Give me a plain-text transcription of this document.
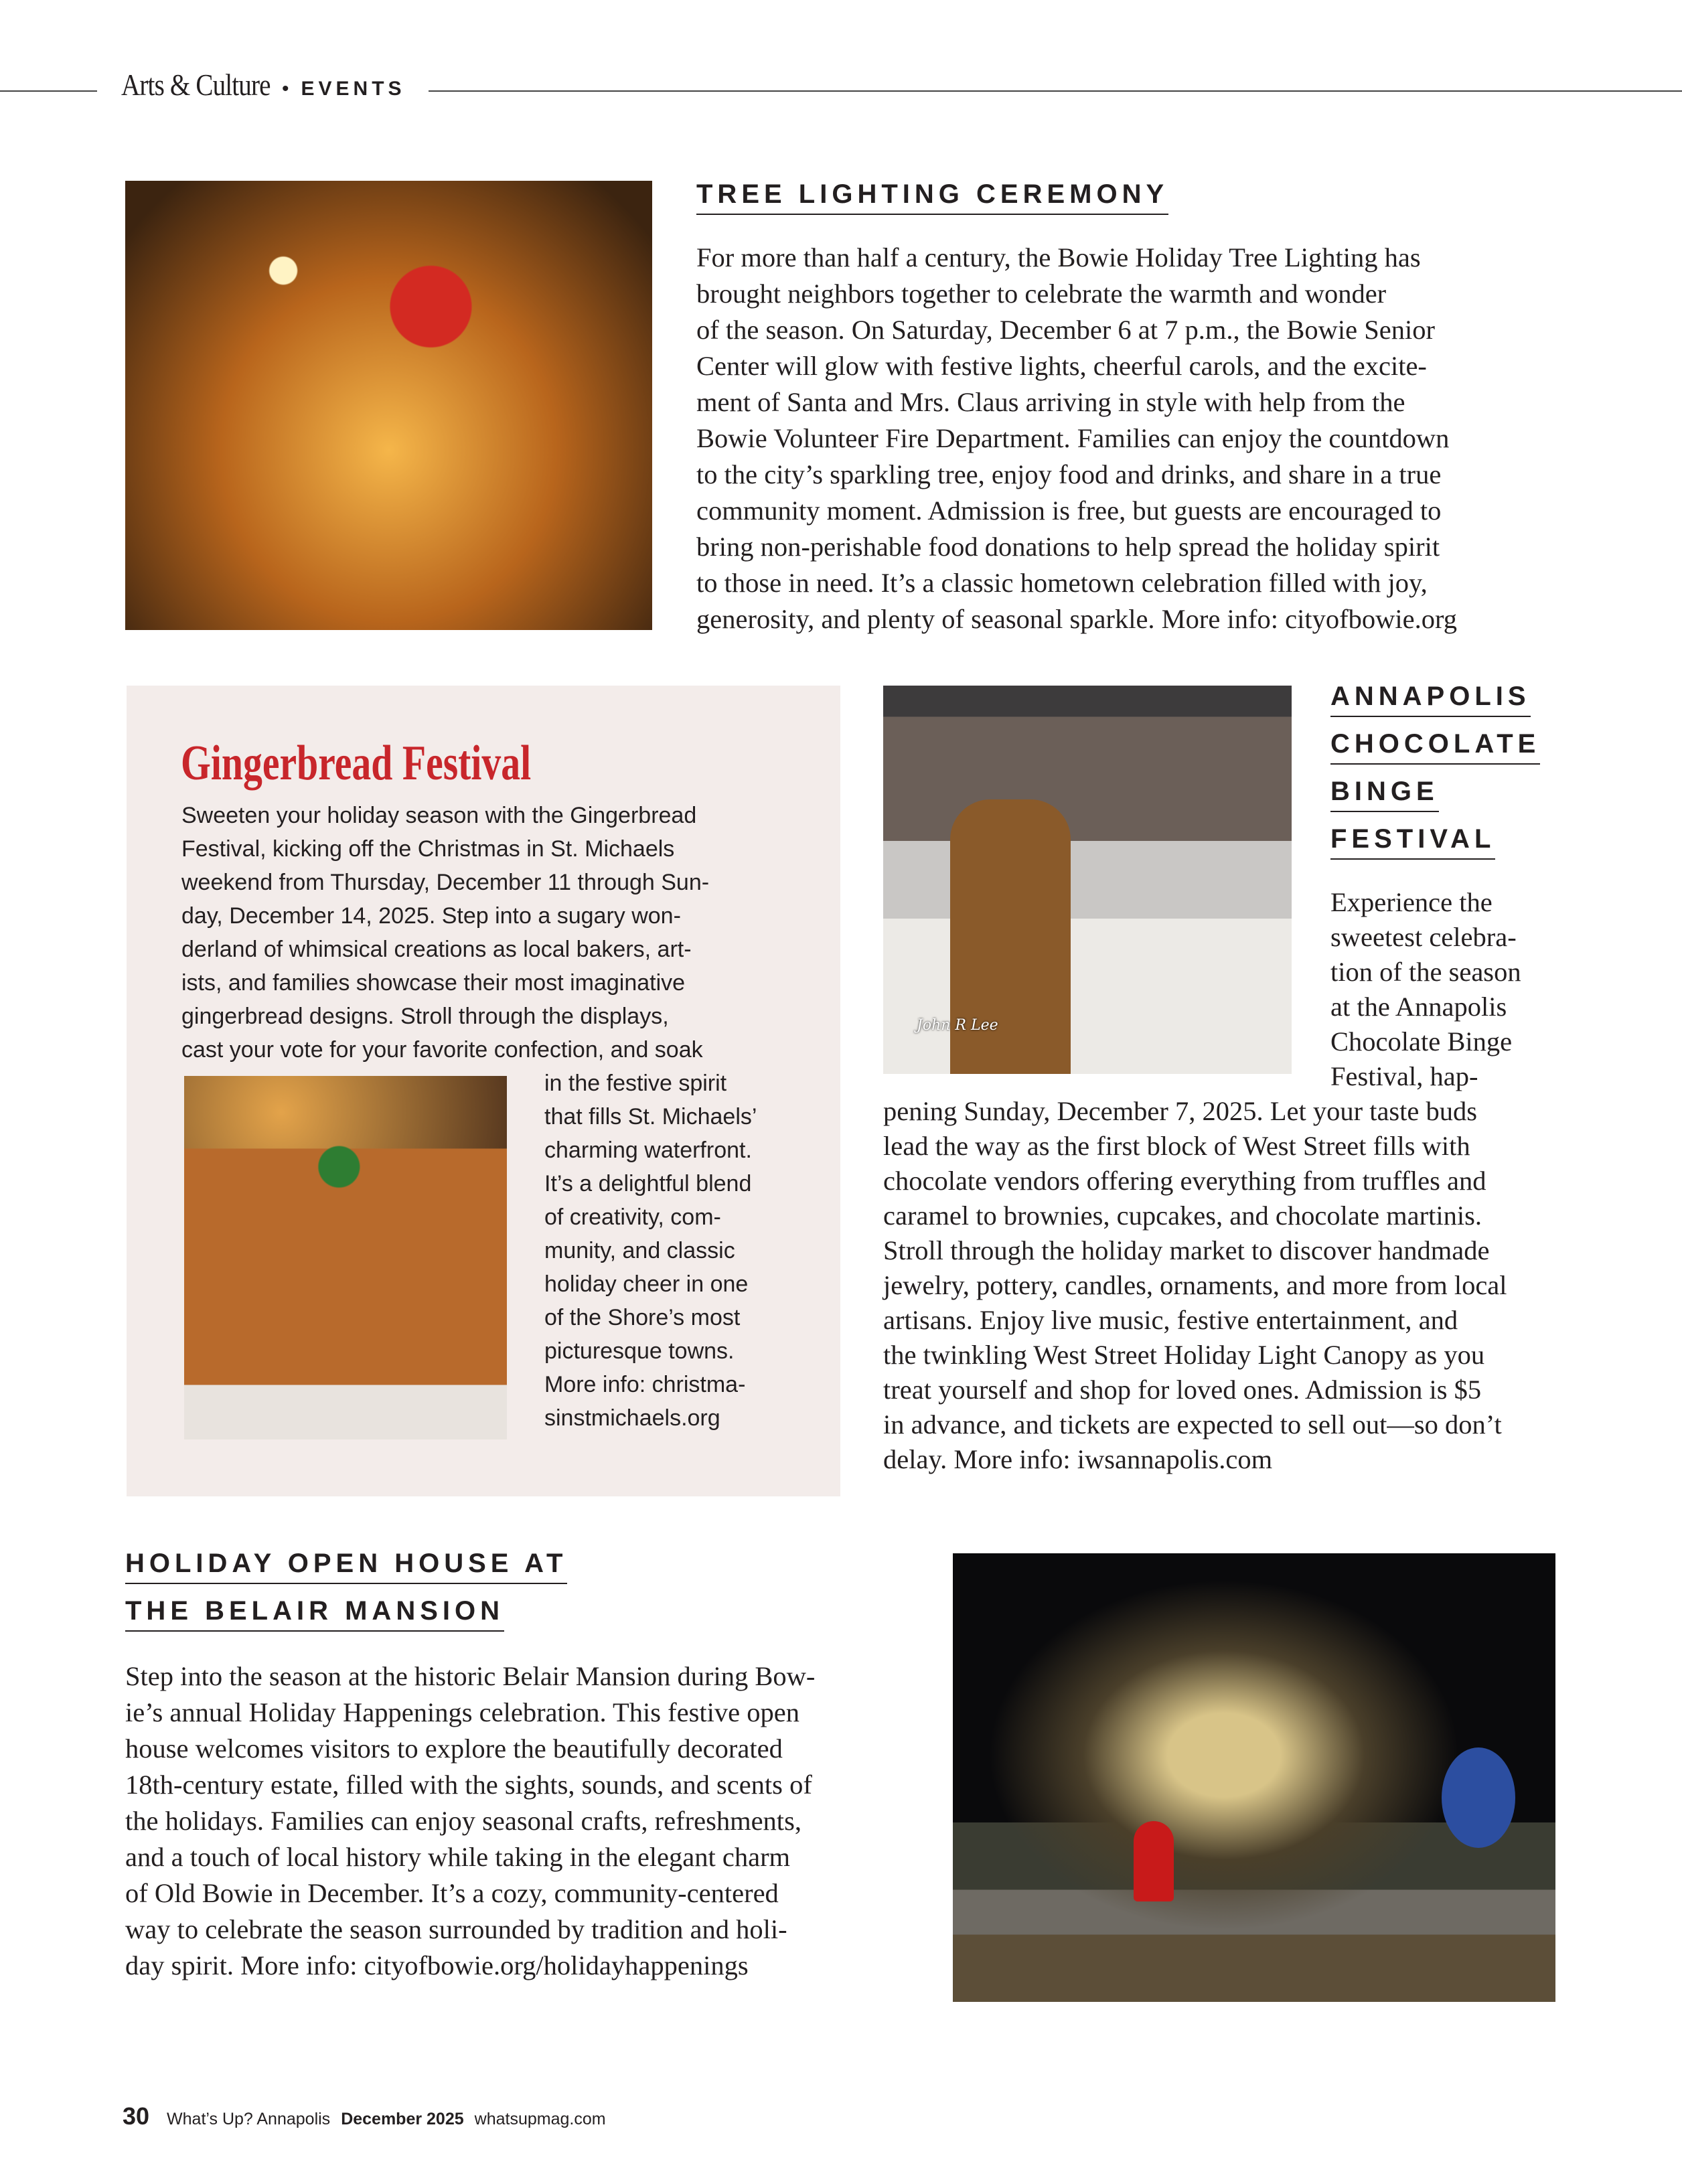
Arts & Culture • EVENTS
TREE LIGHTING CEREMONY
For more than half a century, the Bowie Holiday Tree Lighting has
brought neighbors together to celebrate the warmth and wonder
of the season. On Saturday, December 6 at 7 p.m., the Bowie Senior
Center will glow with festive lights, cheerful carols, and the excite-
ment of Santa and Mrs. Claus arriving in style with help from the
Bowie Volunteer Fire Department. Families can enjoy the countdown
to the city’s sparkling tree, enjoy food and drinks, and share in a true
community moment. Admission is free, but guests are encouraged to
bring non-perishable food donations to help spread the holiday spirit
to those in need. It’s a classic hometown celebration filled with joy,
generosity, and plenty of seasonal sparkle. More info: cityofbowie.org
Gingerbread Festival
Sweeten your holiday season with the Gingerbread
Festival, kicking off the Christmas in St. Michaels
weekend from Thursday, December 11 through Sun-
day, December 14, 2025. Step into a sugary won-
derland of whimsical creations as local bakers, art-
ists, and families showcase their most imaginative
gingerbread designs. Stroll through the displays,
cast your vote for your favorite confection, and soak
in the festive spirit
that fills St. Michaels’
charming waterfront.
It’s a delightful blend
of creativity, com-
munity, and classic
holiday cheer in one
of the Shore’s most
picturesque towns.
More info: christma-
sinstmichaels.org
John R Lee
ANNAPOLIS
CHOCOLATE
BINGE
FESTIVAL
Experience the
sweetest celebra-
tion of the season
at the Annapolis
Chocolate Binge
Festival, hap-
pening Sunday, December 7, 2025. Let your taste buds
lead the way as the first block of West Street fills with
chocolate vendors offering everything from truffles and
caramel to brownies, cupcakes, and chocolate martinis.
Stroll through the holiday market to discover handmade
jewelry, pottery, candles, ornaments, and more from local
artisans. Enjoy live music, festive entertainment, and
the twinkling West Street Holiday Light Canopy as you
treat yourself and shop for loved ones. Admission is $5
in advance, and tickets are expected to sell out—so don’t
delay. More info: iwsannapolis.com
HOLIDAY OPEN HOUSE AT
THE BELAIR MANSION
Step into the season at the historic Belair Mansion during Bow-
ie’s annual Holiday Happenings celebration. This festive open
house welcomes visitors to explore the beautifully decorated
18th-century estate, filled with the sights, sounds, and scents of
the holidays. Families can enjoy seasonal crafts, refreshments,
and a touch of local history while taking in the elegant charm
of Old Bowie in December. It’s a cozy, community-centered
way to celebrate the season surrounded by tradition and holi-
day spirit. More info: cityofbowie.org/holidayhappenings
30 What’s Up? Annapolis December 2025 whatsupmag.com
